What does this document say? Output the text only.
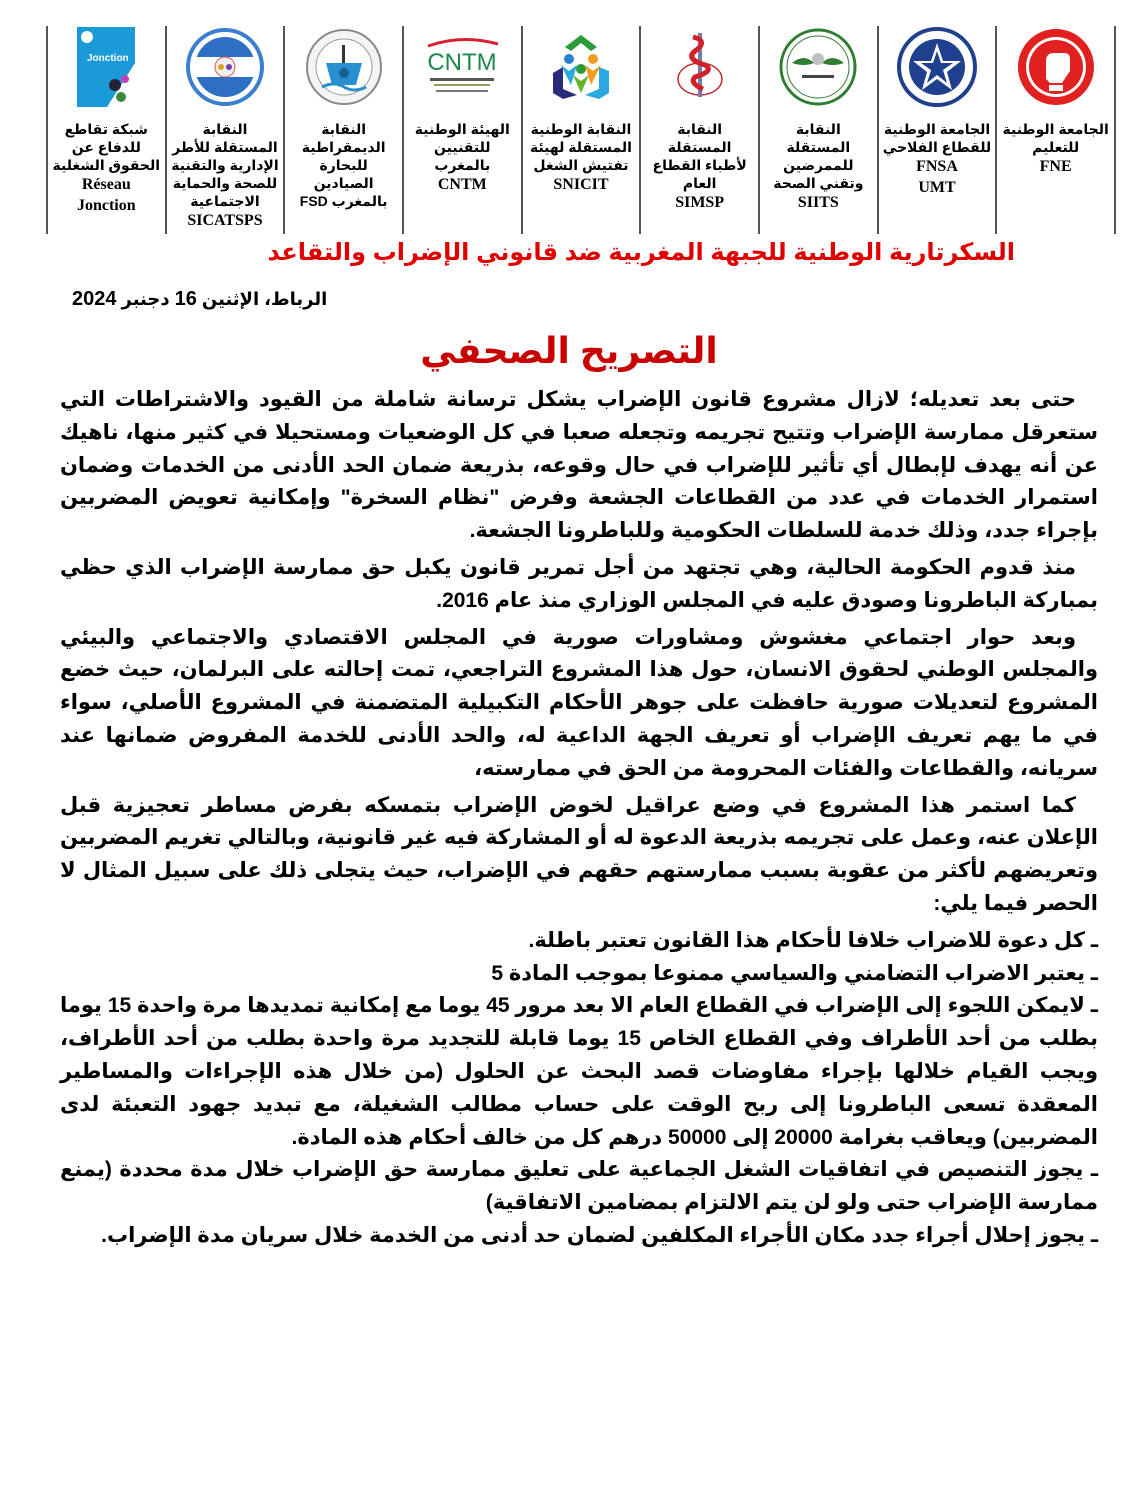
الجامعة الوطنية للتعليم
FNE
الجامعة الوطنية للقطاع الفلاحي
FNSA
UMT
النقابة المستقلة للممرضين وتقني الصحة
SIITS
النقابة المستقلة لأطباء القطاع العام
SIMSP
النقابة الوطنية المستقلة لهيئة تفتيش الشغل
SNICIT
CNTM
الهيئة الوطنية للتقنيين بالمغرب
CNTM
النقابة الديمقراطية للبحارة الصيادين بالمغرب FSD
النقابة المستقلة للأطر الإدارية والتقنية للصحة والحماية الاجتماعية
SICATSPS
Jonction
شبكة تقاطع للدفاع عن الحقوق الشغلية
Réseau
Jonction
السكرتارية الوطنية للجبهة المغربية ضد قانوني الإضراب والتقاعد
الرباط، الإثنين 16 دجنبر 2024
التصريح الصحفي

حتى بعد تعديله؛ لازال مشروع قانون الإضراب يشكل ترسانة شاملة من القيود والاشتراطات التي ستعرقل ممارسة الإضراب وتتيح تجريمه وتجعله صعبا في كل الوضعيات ومستحيلا في كثير منها، ناهيك عن أنه يهدف لإبطال أي تأثير للإضراب في حال وقوعه، بذريعة ضمان الحد الأدنى من الخدمات وضمان استمرار الخدمات في عدد من القطاعات الجشعة وفرض "نظام السخرة" وإمكانية تعويض المضربين بإجراء جدد، وذلك خدمة للسلطات الحكومية وللباطرونا الجشعة.

منذ قدوم الحكومة الحالية، وهي تجتهد من أجل تمرير قانون يكبل حق ممارسة الإضراب الذي حظي بمباركة الباطرونا وصودق عليه في المجلس الوزاري منذ عام 2016.

وبعد حوار اجتماعي مغشوش ومشاورات صورية في المجلس الاقتصادي والاجتماعي والبيئي والمجلس الوطني لحقوق الانسان، حول هذا المشروع التراجعي، تمت إحالته على البرلمان، حيث خضع المشروع لتعديلات صورية حافظت على جوهر الأحكام التكبيلية المتضمنة في المشروع الأصلي، سواء في ما يهم تعريف الإضراب أو تعريف الجهة الداعية له، والحد الأدنى للخدمة المفروض ضمانها عند سريانه، والقطاعات والفئات المحرومة من الحق في ممارسته،

كما استمر هذا المشروع في وضع عراقيل لخوض الإضراب بتمسكه بفرض مساطر تعجيزية قبل الإعلان عنه، وعمل على تجريمه بذريعة الدعوة له أو المشاركة فيه غير قانونية، وبالتالي تغريم المضربين وتعريضهم لأكثر من عقوبة بسبب ممارستهم حقهم في الإضراب، حيث يتجلى ذلك على سبيل المثال لا الحصر فيما يلي:

ـ كل دعوة للاضراب خلافا لأحكام هذا القانون تعتبر باطلة.

ـ يعتبر الاضراب التضامني والسياسي ممنوعا بموجب المادة 5

ـ لايمكن اللجوء إلى الإضراب في القطاع العام الا بعد مرور 45 يوما مع إمكانية تمديدها مرة واحدة 15 يوما بطلب من أحد الأطراف وفي القطاع الخاص 15 يوما قابلة للتجديد مرة واحدة بطلب من أحد الأطراف، ويجب القيام خلالها بإجراء مفاوضات قصد البحث عن الحلول (من خلال هذه الإجراءات والمساطير المعقدة تسعى الباطرونا إلى ربح الوقت على حساب مطالب الشغيلة، مع تبديد جهود التعبئة لدى المضربين) ويعاقب بغرامة 20000 إلى 50000 درهم كل من خالف أحكام هذه المادة.

ـ يجوز التنصيص في اتفاقيات الشغل الجماعية على تعليق ممارسة حق الإضراب خلال مدة محددة (يمنع ممارسة الإضراب حتى ولو لن يتم الالتزام بمضامين الاتفاقية)

ـ يجوز إحلال أجراء جدد مكان الأجراء المكلفين لضمان حد أدنى من الخدمة خلال سريان مدة الإضراب.
